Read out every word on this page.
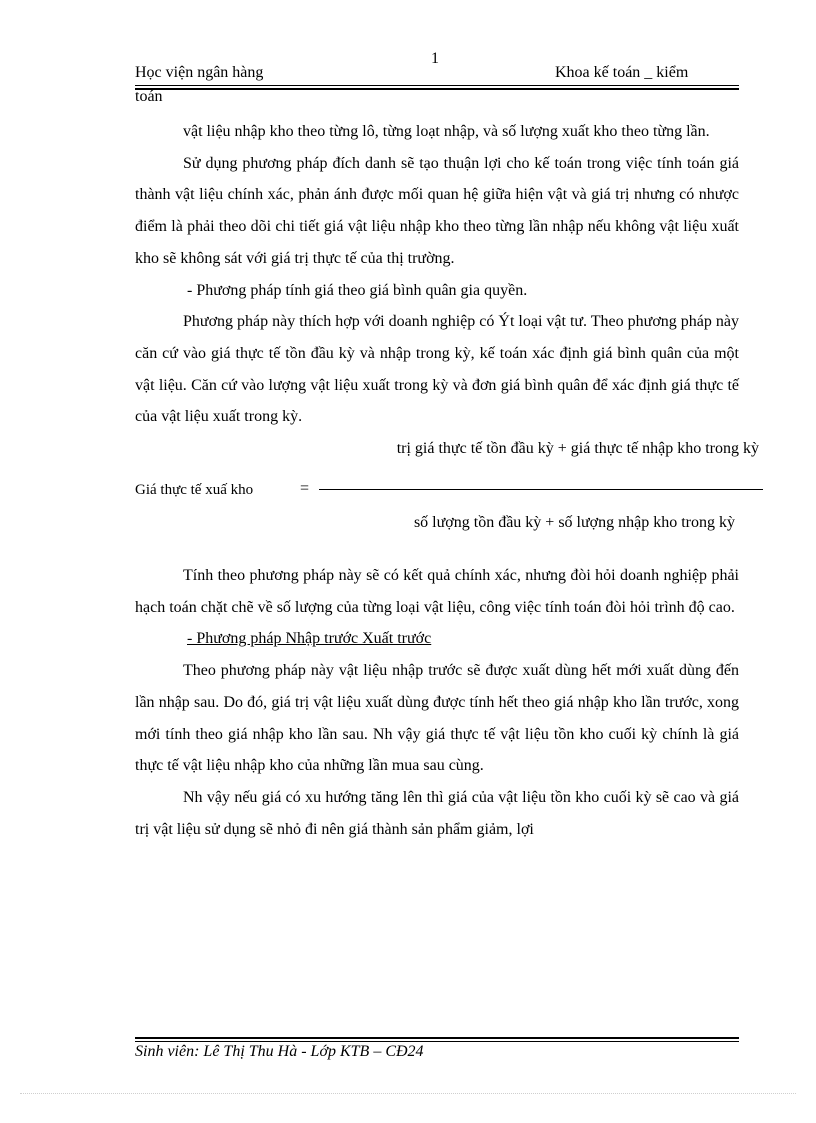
1
Học viện ngân hàng	Khoa kế toán _ kiểm
toán

vật liệu nhập kho theo từng lô, từng loạt nhập, và số lượng xuất kho theo từng lần.

Sử dụng phương pháp đích danh sẽ tạo thuận lợi cho kế toán trong việc tính toán giá thành vật liệu chính xác, phản ánh được mối quan hệ giữa hiện vật và giá trị nhưng có nhược điểm là phải theo dõi chi tiết giá vật liệu nhập kho theo từng lần nhập nếu không vật liệu xuất kho sẽ không sát với giá trị thực tế của thị trường.

- Phương pháp tính giá theo giá bình quân gia quyền.

Phương pháp này thích hợp với doanh nghiệp có Ýt loại vật tư. Theo phương pháp này căn cứ vào giá thực tế tồn đầu kỳ và nhập trong kỳ, kế toán xác định giá bình quân của một vật liệu. Căn cứ vào lượng vật liệu xuất trong kỳ và đơn giá bình quân để xác định giá thực tế của vật liệu xuất trong kỳ.

trị giá thực tế tồn đầu kỳ + giá thực tế nhập kho trong kỳ
Giá thực tế xuấ kho	=
số lượng tồn đầu kỳ + số lượng nhập kho trong kỳ

Tính theo phương pháp này sẽ có kết quả chính xác, nhưng đòi hỏi doanh nghiệp phải hạch toán chặt chẽ về số lượng của từng loại vật liệu, công việc tính toán đòi hỏi trình độ cao.

- Phương pháp Nhập trước Xuất trước

Theo phương pháp này vật liệu nhập trước sẽ được xuất dùng hết mới xuất dùng đến lần nhập sau. Do đó, giá trị vật liệu xuất dùng được tính hết theo giá nhập kho lần trước, xong mới tính theo giá nhập kho lần sau. Nh vậy giá thực tế vật liệu tồn kho cuối kỳ chính là giá thực tế vật liệu nhập kho của những lần mua sau cùng.

Nh vậy nếu giá có xu hướng tăng lên thì giá của vật liệu tồn kho cuối kỳ sẽ cao và giá trị vật liệu sử dụng sẽ nhỏ đi nên giá thành sản phẩm giảm, lợi

Sinh viên: Lê Thị Thu Hà - Lớp KTB – CĐ24
